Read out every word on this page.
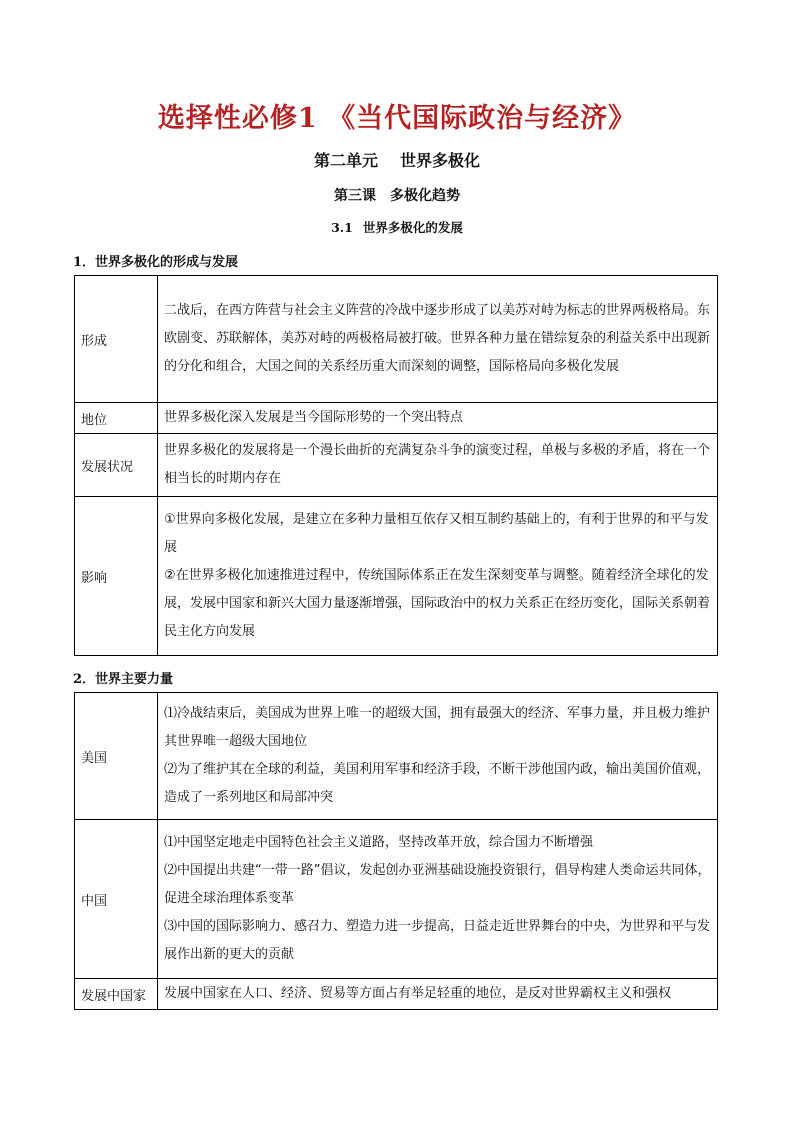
选择性必修1 《当代国际政治与经济》
第二单元 世界多极化
第三课 多极化趋势
3.1 世界多极化的发展
1．世界多极化的形成与发展
形成	二战后，在西方阵营与社会主义阵营的冷战中逐步形成了以美苏对峙为标志的世界两极格局。东欧剧变、苏联解体，美苏对峙的两极格局被打破。世界各种力量在错综复杂的利益关系中出现新的分化和组合，大国之间的关系经历重大而深刻的调整，国际格局向多极化发展

地位	世界多极化深入发展是当今国际形势的一个突出特点

发展状况	世界多极化的发展将是一个漫长曲折的充满复杂斗争的演变过程，单极与多极的矛盾，将在一个相当长的时期内存在

影响	①世界向多极化发展，是建立在多种力量相互依存又相互制约基础上的，有利于世界的和平与发展

②在世界多极化加速推进过程中，传统国际体系正在发生深刻变革与调整。随着经济全球化的发展，发展中国家和新兴大国力量逐渐增强，国际政治中的权力关系正在经历变化，国际关系朝着民主化方向发展

2．世界主要力量
美国	⑴冷战结束后，美国成为世界上唯一的超级大国，拥有最强大的经济、军事力量，并且极力维护其世界唯一超级大国地位

⑵为了维护其在全球的利益，美国利用军事和经济手段，不断干涉他国内政，输出美国价值观，造成了一系列地区和局部冲突

中国	⑴中国坚定地走中国特色社会主义道路，坚持改革开放，综合国力不断增强

⑵中国提出共建“一带一路”倡议，发起创办亚洲基础设施投资银行，倡导构建人类命运共同体，促进全球治理体系变革

⑶中国的国际影响力、感召力、塑造力进一步提高，日益走近世界舞台的中央，为世界和平与发展作出新的更大的贡献

发展中国家	发展中国家在人口、经济、贸易等方面占有举足轻重的地位，是反对世界霸权主义和强权
